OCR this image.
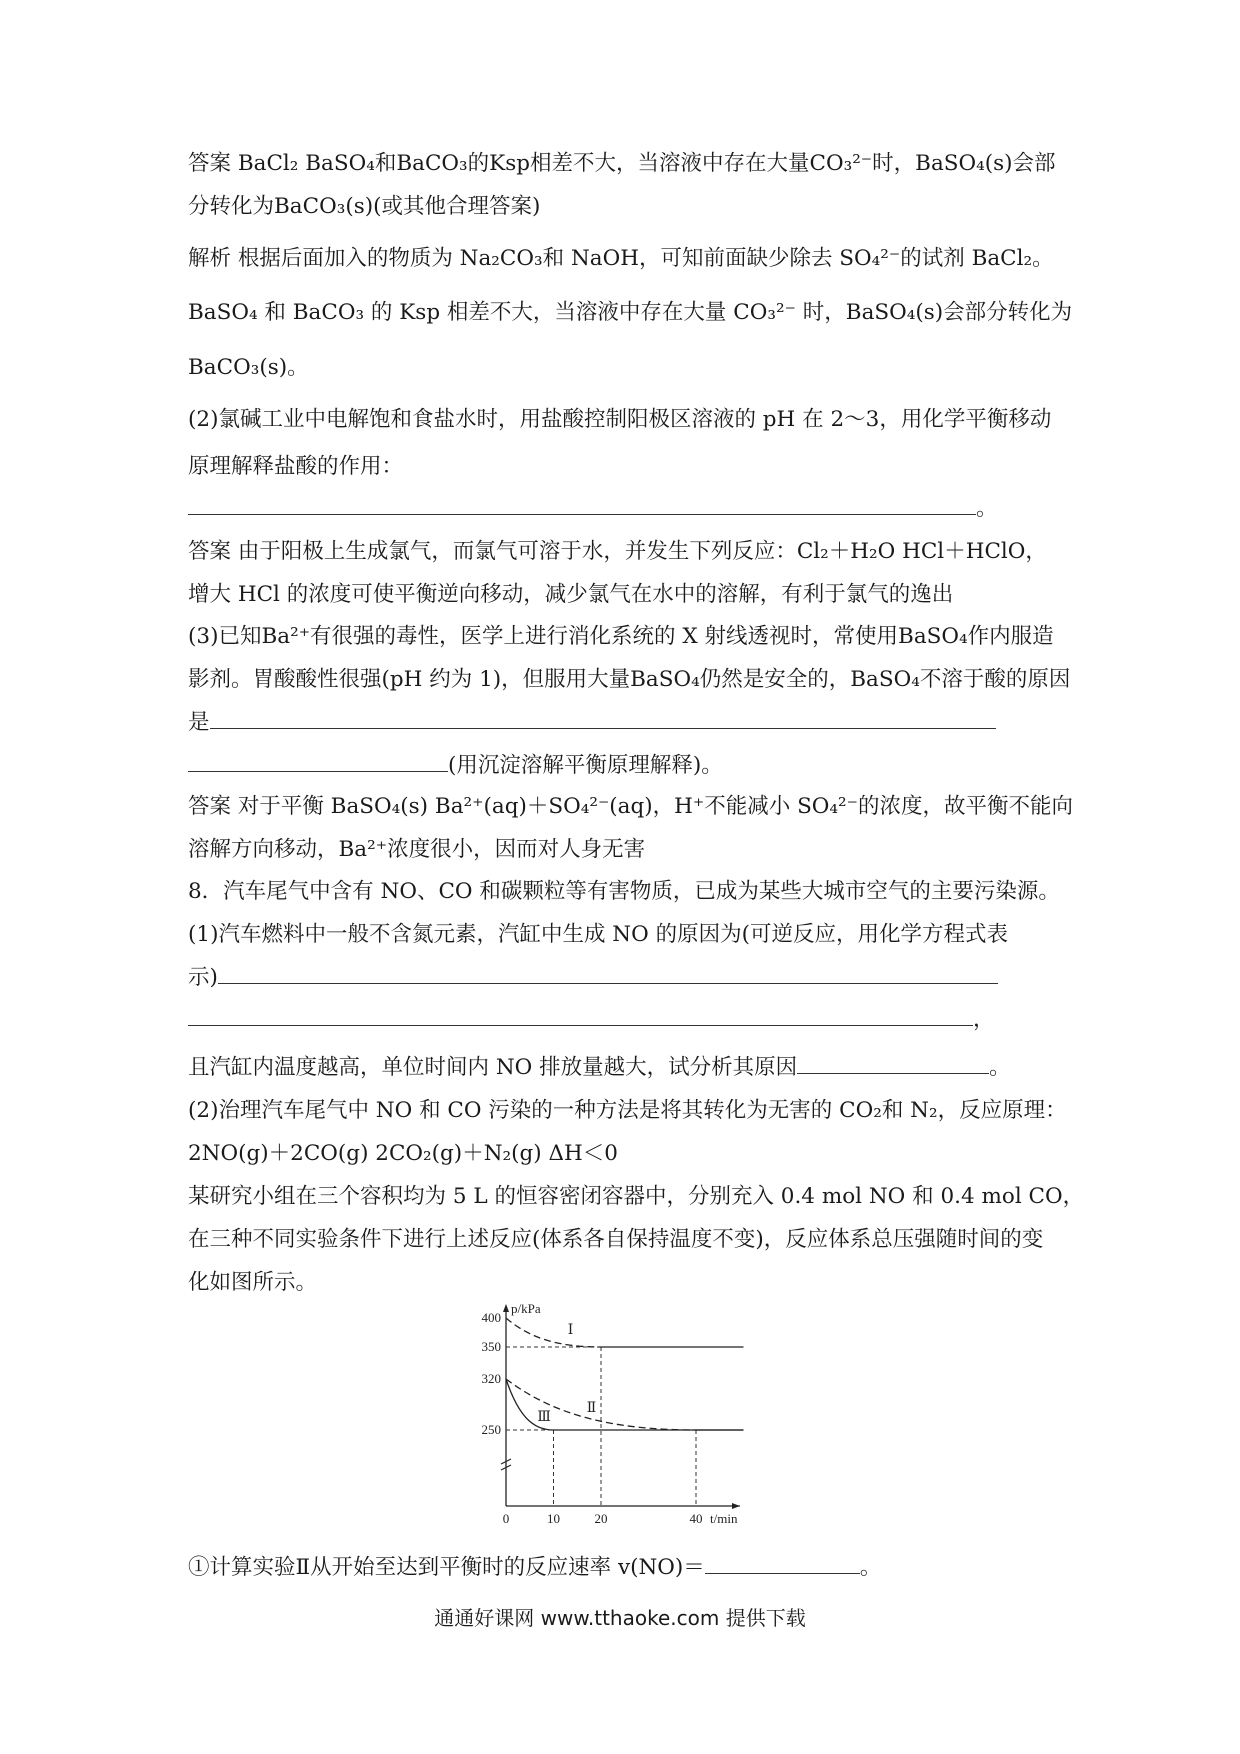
答案 BaCl₂ BaSO₄和BaCO₃的Ksp相差不大，当溶液中存在大量CO₃²⁻时，BaSO₄(s)会部
分转化为BaCO₃(s)(或其他合理答案)
解析 根据后面加入的物质为 Na₂CO₃和 NaOH，可知前面缺少除去 SO₄²⁻的试剂 BaCl₂。
BaSO₄ 和 BaCO₃ 的 Ksp 相差不大，当溶液中存在大量 CO₃²⁻ 时，BaSO₄(s)会部分转化为
BaCO₃(s)。
(2)氯碱工业中电解饱和食盐水时，用盐酸控制阳极区溶液的 pH 在 2～3，用化学平衡移动
原理解释盐酸的作用：
。
答案 由于阳极上生成氯气，而氯气可溶于水，并发生下列反应：Cl₂＋H₂O HCl＋HClO，
增大 HCl 的浓度可使平衡逆向移动，减少氯气在水中的溶解，有利于氯气的逸出
(3)已知Ba²⁺有很强的毒性，医学上进行消化系统的 X 射线透视时，常使用BaSO₄作内服造
影剂。胃酸酸性很强(pH 约为 1)，但服用大量BaSO₄仍然是安全的，BaSO₄不溶于酸的原因
是
(用沉淀溶解平衡原理解释)。
答案 对于平衡 BaSO₄(s) Ba²⁺(aq)＋SO₄²⁻(aq)，H⁺不能减小 SO₄²⁻的浓度，故平衡不能向
溶解方向移动，Ba²⁺浓度很小，因而对人身无害
8．汽车尾气中含有 NO、CO 和碳颗粒等有害物质，已成为某些大城市空气的主要污染源。
(1)汽车燃料中一般不含氮元素，汽缸中生成 NO 的原因为(可逆反应，用化学方程式表
示)
，
且汽缸内温度越高，单位时间内 NO 排放量越大，试分析其原因	。
(2)治理汽车尾气中 NO 和 CO 污染的一种方法是将其转化为无害的 CO₂和 N₂，反应原理：
2NO(g)＋2CO(g) 2CO₂(g)＋N₂(g) ΔH＜0
某研究小组在三个容积均为 5 L 的恒容密闭容器中，分别充入 0.4 mol NO 和 0.4 mol CO，
在三种不同实验条件下进行上述反应(体系各自保持温度不变)，反应体系总压强随时间的变
化如图所示。
p/kPa
t/min
400
350
320
250
0	10	20	40
Ⅰ
Ⅱ
Ⅲ
①计算实验Ⅱ从开始至达到平衡时的反应速率 v(NO)＝	。
通通好课网 www.tthaoke.com 提供下载
